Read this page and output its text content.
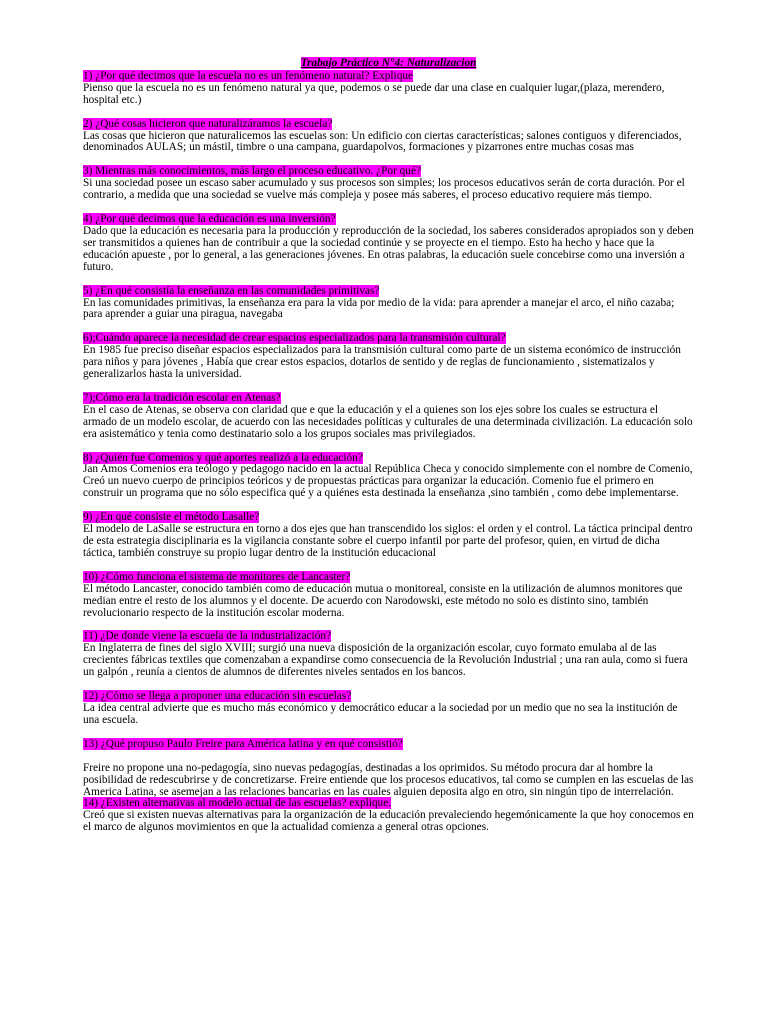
Trabajo Práctico N°4: Naturalizacion
1) ¿Por qué decimos que la escuela no es un fenómeno natural? Explique

Pienso que la escuela no es un fenómeno natural ya que, podemos o se puede dar una clase en cualquier lugar,(plaza, merendero, hospital etc.)

2) ¿Qué cosas hicieron que naturalizáramos la escuela?

Las cosas que hicieron que naturalicemos las escuelas son: Un edificio con ciertas características; salones contiguos y diferenciados, denominados AULAS; un mástil, timbre o una campana, guardapolvos, formaciones y pizarrones entre muchas cosas mas

3) Mientras más conocimientos, más largo el proceso educativo. ¿Por qué?

Si una sociedad posee un escaso saber acumulado y sus procesos son simples; los procesos educativos serán de corta duración. Por el contrario, a medida que una sociedad se vuelve más compleja y posee más saberes, el proceso educativo requiere más tiempo.

4) ¿Por qué decimos que la educación es una inversión?

Dado que la educación es necesaria para la producción y reproducción de la sociedad, los saberes considerados apropiados son y deben ser transmitidos a quienes han de contribuir a que la sociedad continúe y se proyecte en el tiempo. Esto ha hecho y hace que la educación apueste , por lo general, a las generaciones jóvenes. En otras palabras, la educación suele concebirse como una inversión a futuro.

5) ¿En qué consistía la enseñanza en las comunidades primitivas?

En las comunidades primitivas, la enseñanza era para la vida por medio de la vida: para aprender a manejar el arco, el niño cazaba; para aprender a guiar una piragua, navegaba

6);Cuándo aparece la necesidad de crear espacios especializados para la transmisión cultural?

En 1985 fue preciso diseñar espacios especializados para la transmisión cultural como parte de un sistema económico de instrucción para niños y para jóvenes , Había que crear estos espacios, dotarlos de sentido y de reglas de funcionamiento , sistematizalos y generalizarlos hasta la universidad.

7);Cómo era la tradición escolar en Atenas?

En el caso de Atenas, se observa con claridad que e que la educación y el a quienes son los ejes sobre los cuales se estructura el armado de un modelo escolar, de acuerdo con las necesidades políticas y culturales de una determinada civilización. La educación solo era asistemático y tenia como destinatario solo a los grupos sociales mas privilegiados.

8) ¿Quién fue Comenios y qué aportes realizó a la educación?

Jan Amos Comenios era teólogo y pedagogo nacido en la actual República Checa y conocido simplemente con el nombre de Comenio, Creó un nuevo cuerpo de principios teóricos y de propuestas prácticas para organizar la educación. Comenio fue el primero en construir un programa que no sólo especifica qué y a quiénes esta destinada la enseñanza ,sino también , como debe implementarse.

9) ¿En qué consiste el método Lasalle?

El modelo de LaSalle se estructura en torno a dos ejes que han transcendido los siglos: el orden y el control. La táctica principal dentro de esta estrategia disciplinaria es la vigilancia constante sobre el cuerpo infantil por parte del profesor, quien, en virtud de dicha táctica, también construye su propio lugar dentro de la institución educacional

10) ¿Cómo funciona el sistema de monitores de Lancaster?

El método Lancaster, conocido también como de educación mutua o monitoreal, consiste en la utilización de alumnos monitores que median entre el resto de los alumnos y el docente. De acuerdo con Narodowski, este método no solo es distinto sino, también revolucionario respecto de la institución escolar moderna.

11) ¿De donde viene la escuela de la industrialización?

En Inglaterra de fines del siglo XVIII; surgió una nueva disposición de la organización escolar, cuyo formato emulaba al de las crecientes fábricas textiles que comenzaban a expandirse como consecuencia de la Revolución Industrial ; una ran aula, como si fuera un galpón , reunía a cientos de alumnos de diferentes niveles sentados en los bancos.

12) ¿Cómo se llega a proponer una educación sin escuelas?

La idea central advierte que es mucho más económico y democrático educar a la sociedad por un medio que no sea la institución de una escuela.

13) ¿Qué propuso Paulo Freire para América latina y en qué consistió?

Freire no propone una no-pedagogía, sino nuevas pedagogías, destinadas a los oprimidos. Su método procura dar al hombre la posibilidad de redescubrirse y de concretizarse. Freire entiende que los procesos educativos, tal como se cumplen en las escuelas de las America Latina, se asemejan a las relaciones bancarias en las cuales alguien deposita algo en otro, sin ningún tipo de interrelación.

14) ¿Existen alternativas al modelo actual de las escuelas? explique.

Creó que si existen nuevas alternativas para la organización de la educación prevaleciendo hegemónicamente la que hoy conocemos en el marco de algunos movimientos en que la actualidad comienza a general otras opciones.
